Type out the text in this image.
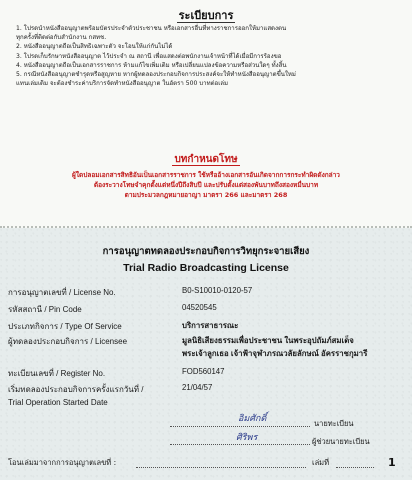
ระเบียบการ
1. โปรดนำหนังสืออนุญาตพร้อมบัตรประจำตัวประชาชน หรือเอกสารอื่นที่ทางราชการออกให้มาแสดงตน
ทุกครั้งที่ติดต่อกับสำนักงาน กสทช.
2. หนังสืออนุญาตถือเป็นสิทธิเฉพาะตัว จะโอนให้แก่กันไม่ได้
3. โปรดเก็บรักษาหนังสืออนุญาต ไว้ประจำ ณ สถานี เพื่อแสดงต่อพนักงานเจ้าหน้าที่ได้เมื่อมีการร้องขอ
4. หนังสืออนุญาตถือเป็นเอกสารราชการ ห้ามแก้ไขเพิ่มเติม หรือเปลี่ยนแปลงข้อความหรือส่วนใดๆ ทั้งสิ้น
5. กรณีหนังสืออนุญาตชำรุดหรือสูญหาย หากผู้ทดลองประกอบกิจการประสงค์จะให้ทำหนังสืออนุญาตขึ้นใหม่
แทนเล่มเดิม จะต้องชำระค่าบริการจัดทำหนังสืออนุญาต ในอัตรา 500 บาทต่อเล่ม
บทกำหนดโทษ
ผู้ใดปลอมเอกสารสิทธิอันเป็นเอกสารราชการ ใช้หรืออ้างเอกสารอันเกิดจากการกระทำผิดดังกล่าว
ต้องระวางโทษจำคุกตั้งแต่หนึ่งปีถึงสิบปี และปรับตั้งแต่สองพันบาทถึงสองหมื่นบาท
ตามประมวลกฎหมายอาญา มาตรา 266 และมาตรา 268
การอนุญาตทดลองประกอบกิจการวิทยุกระจายเสียง
Trial Radio Broadcasting License
การอนุญาตเลขที่ / License No.	B0-S10010-0120-57
รหัสสถานี / Pin Code	04520545
ประเภทกิจการ / Type Of Service	บริการสาธารณะ
ผู้ทดลองประกอบกิจการ / Licensee	มูลนิธิเสียงธรรมเพื่อประชาชน ในพระอุปถัมภ์สมเด็จ
พระเจ้าลูกเธอ เจ้าฟ้าจุฬาภรณวลัยลักษณ์ อัครราชกุมารี
ทะเบียนเลขที่ / Register No.	FOD560147
เริ่มทดลองประกอบกิจการครั้งแรกวันที่ /	21/04/57
Trial Operation Started Date
อิมศักดิ์	นายทะเบียน
ศิริพร	ผู้ช่วยนายทะเบียน
โอนเล่มมาจากการอนุญาตเลขที่ :	เล่มที่	1
